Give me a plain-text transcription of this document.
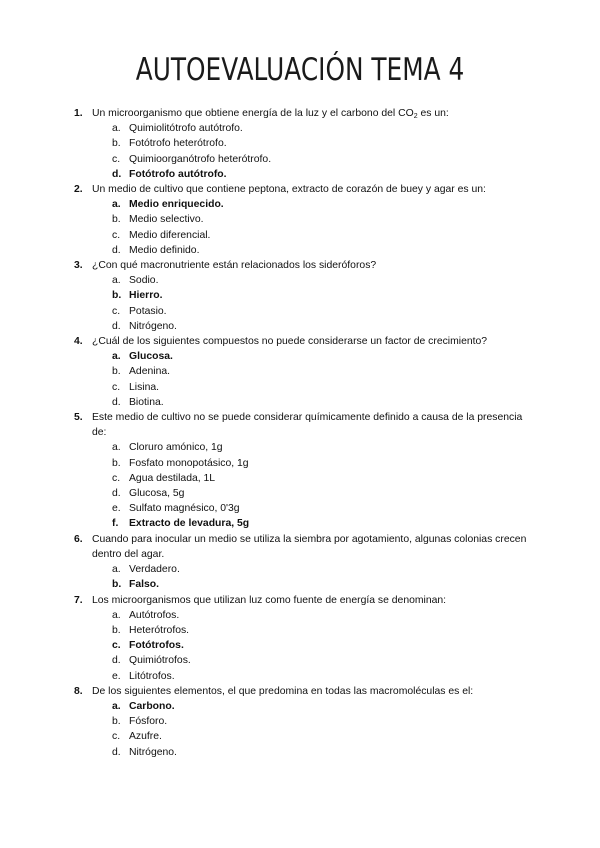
AUTOEVALUACIÓN TEMA 4
1. Un microorganismo que obtiene energía de la luz y el carbono del $CO_2$ es un:
a. Quimiolitótrofo autótrofo.
b. Fotótrofo heterótrofo.
c. Quimioorganótrofo heterótrofo.
d. Fotótrofo autótrofo.
2. Un medio de cultivo que contiene peptona, extracto de corazón de buey y agar es un:
a. Medio enriquecido.
b. Medio selectivo.
c. Medio diferencial.
d. Medio definido.
3. ¿Con qué macronutriente están relacionados los sideróforos?
a. Sodio.
b. Hierro.
c. Potasio.
d. Nitrógeno.
4. ¿Cuál de los siguientes compuestos no puede considerarse un factor de crecimiento?
a. Glucosa.
b. Adenina.
c. Lisina.
d. Biotina.
5. Este medio de cultivo no se puede considerar químicamente definido a causa de la presencia de:
a. Cloruro amónico, 1g
b. Fosfato monopotásico, 1g
c. Agua destilada, 1L
d. Glucosa, 5g
e. Sulfato magnésico, 0'3g
f. Extracto de levadura, 5g
6. Cuando para inocular un medio se utiliza la siembra por agotamiento, algunas colonias crecen dentro del agar.
a. Verdadero.
b. Falso.
7. Los microorganismos que utilizan luz como fuente de energía se denominan:
a. Autótrofos.
b. Heterótrofos.
c. Fotótrofos.
d. Quimiótrofos.
e. Litótrofos.
8. De los siguientes elementos, el que predomina en todas las macromoléculas es el:
a. Carbono.
b. Fósforo.
c. Azufre.
d. Nitrógeno.
